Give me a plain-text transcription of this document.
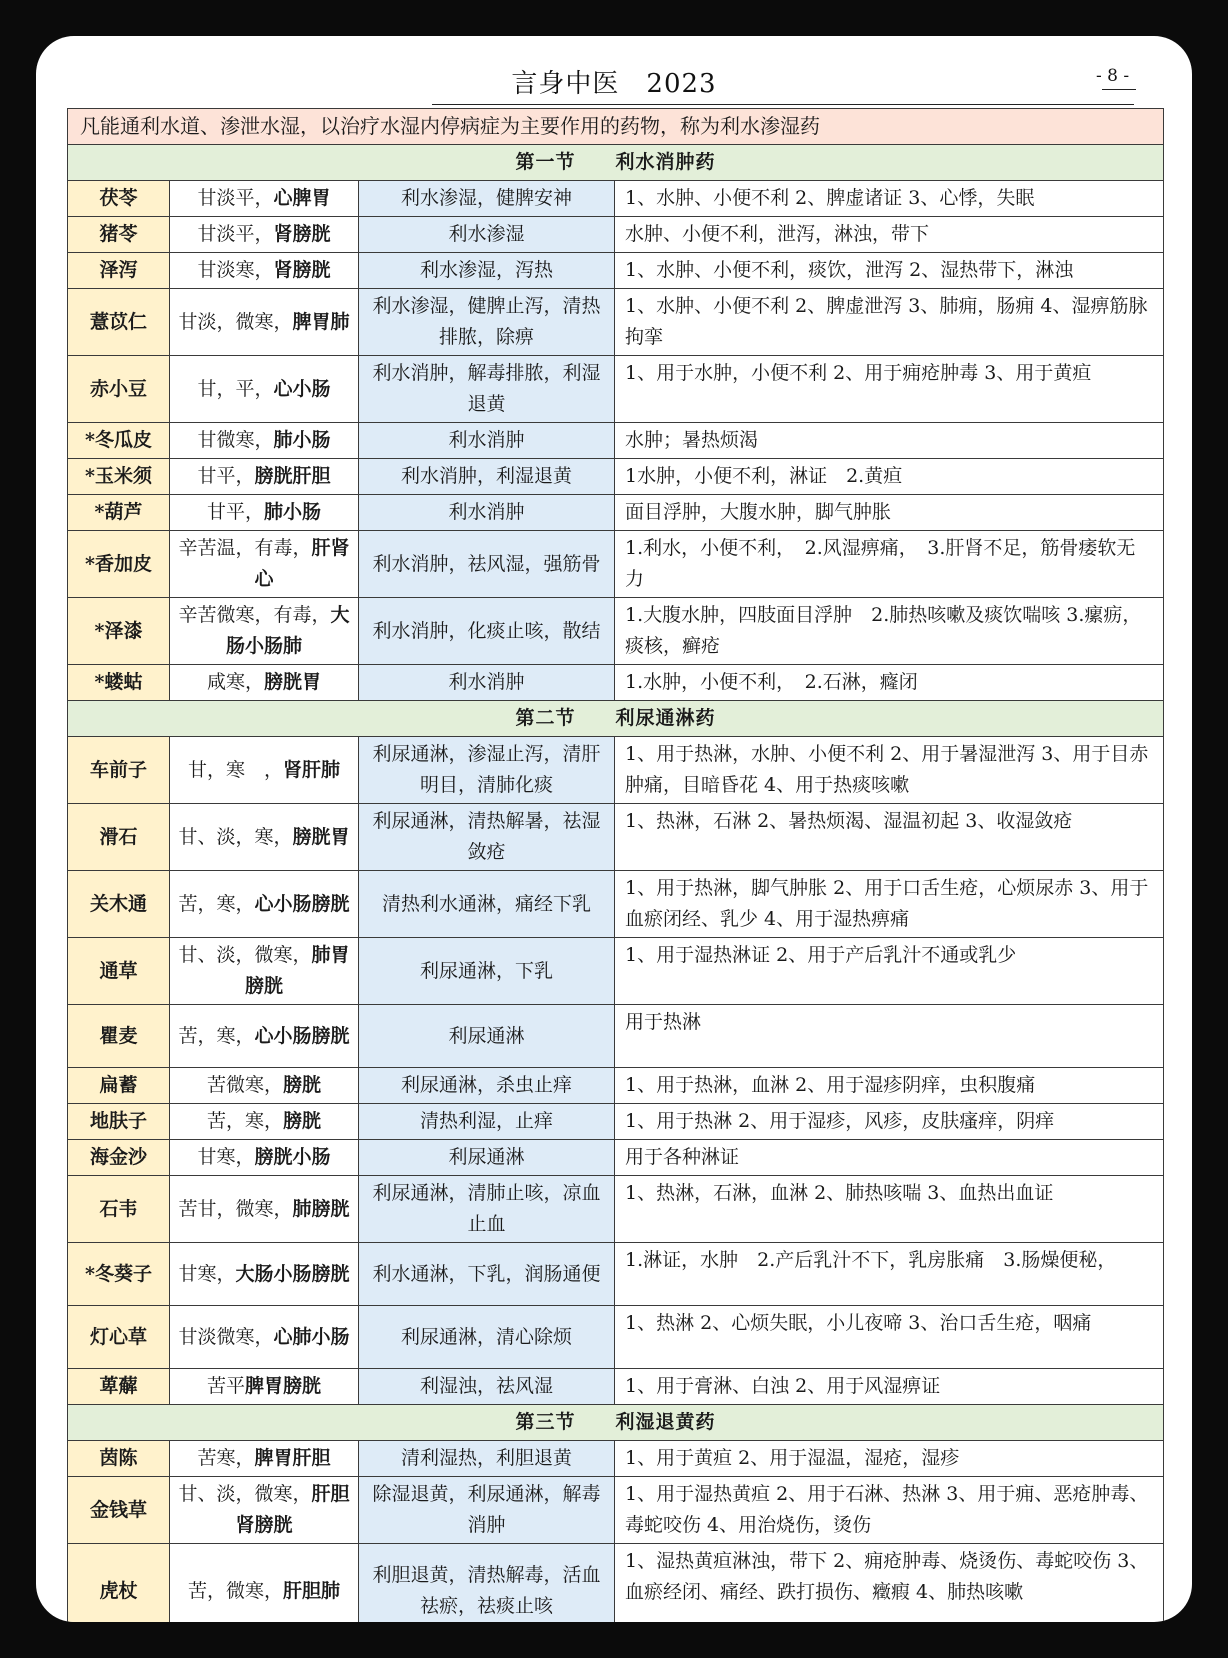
言身中医　2023	- 8 -
凡能通利水道、渗泄水湿，以治疗水湿内停病症为主要作用的药物，称为利水渗湿药			
第一节　　利水消肿药			
茯苓	甘淡平，心脾胃	利水渗湿，健脾安神	1、水肿、小便不利 2、脾虚诸证 3、心悸，失眠
猪苓	甘淡平，肾膀胱	利水渗湿	水肿、小便不利，泄泻，淋浊，带下
泽泻	甘淡寒，肾膀胱	利水渗湿，泻热	1、水肿、小便不利，痰饮，泄泻 2、湿热带下，淋浊
薏苡仁	甘淡，微寒，脾胃肺	利水渗湿，健脾止泻，清热排脓，除痹	1、水肿、小便不利 2、脾虚泄泻 3、肺痈，肠痈 4、湿痹筋脉拘挛
赤小豆	甘，平，心小肠	利水消肿，解毒排脓，利湿退黄	1、用于水肿，小便不利 2、用于痈疮肿毒 3、用于黄疸
*冬瓜皮	甘微寒，肺小肠	利水消肿	水肿；暑热烦渴
*玉米须	甘平，膀胱肝胆	利水消肿，利湿退黄	1水肿，小便不利，淋证　2.黄疸
*葫芦	甘平，肺小肠	利水消肿	面目浮肿，大腹水肿，脚气肿胀
*香加皮	辛苦温，有毒，肝肾心	利水消肿，祛风湿，强筋骨	1.利水，小便不利，　2.风湿痹痛，　3.肝肾不足，筋骨痿软无力
*泽漆	辛苦微寒，有毒，大肠小肠肺	利水消肿，化痰止咳，散结	1.大腹水肿，四肢面目浮肿　2.肺热咳嗽及痰饮喘咳 3.瘰疬，痰核，癣疮
*蝼蛄	咸寒，膀胱胃	利水消肿	1.水肿，小便不利，　2.石淋，癃闭
第二节　　利尿通淋药			
车前子	甘，寒　，肾肝肺	利尿通淋，渗湿止泻，清肝明目，清肺化痰	1、用于热淋，水肿、小便不利 2、用于暑湿泄泻 3、用于目赤肿痛，目暗昏花 4、用于热痰咳嗽
滑石	甘、淡，寒，膀胱胃	利尿通淋，清热解暑，祛湿敛疮	1、热淋，石淋 2、暑热烦渴、湿温初起 3、收湿敛疮
关木通	苦，寒，心小肠膀胱	清热利水通淋，痛经下乳	1、用于热淋，脚气肿胀 2、用于口舌生疮，心烦尿赤 3、用于血瘀闭经、乳少 4、用于湿热痹痛
通草	甘、淡，微寒，肺胃膀胱	利尿通淋，下乳	1、用于湿热淋证 2、用于产后乳汁不通或乳少
瞿麦	苦，寒，心小肠膀胱	利尿通淋	用于热淋
扁蓄	苦微寒，膀胱	利尿通淋，杀虫止痒	1、用于热淋，血淋 2、用于湿疹阴痒，虫积腹痛
地肤子	苦，寒，膀胱	清热利湿，止痒	1、用于热淋 2、用于湿疹，风疹，皮肤瘙痒，阴痒
海金沙	甘寒，膀胱小肠	利尿通淋	用于各种淋证
石韦	苦甘，微寒，肺膀胱	利尿通淋，清肺止咳，凉血止血	1、热淋，石淋，血淋 2、肺热咳喘 3、血热出血证
*冬葵子	甘寒，大肠小肠膀胱	利水通淋，下乳，润肠通便	1.淋证，水肿　2.产后乳汁不下，乳房胀痛　3.肠燥便秘，
灯心草	甘淡微寒，心肺小肠	利尿通淋，清心除烦	1、热淋 2、心烦失眠，小儿夜啼 3、治口舌生疮，咽痛
萆薢	苦平脾胃膀胱	利湿浊，祛风湿	1、用于膏淋、白浊 2、用于风湿痹证
第三节　　利湿退黄药			
茵陈	苦寒，脾胃肝胆	清利湿热，利胆退黄	1、用于黄疸 2、用于湿温，湿疮，湿疹
金钱草	甘、淡，微寒，肝胆肾膀胱	除湿退黄，利尿通淋，解毒消肿	1、用于湿热黄疸 2、用于石淋、热淋 3、用于痈、恶疮肿毒、毒蛇咬伤 4、用治烧伤，烫伤
虎杖	苦，微寒，肝胆肺	利胆退黄，清热解毒，活血祛瘀，祛痰止咳	1、湿热黄疸淋浊，带下 2、痈疮肿毒、烧烫伤、毒蛇咬伤 3、血瘀经闭、痛经、跌打损伤、癥瘕 4、肺热咳嗽
